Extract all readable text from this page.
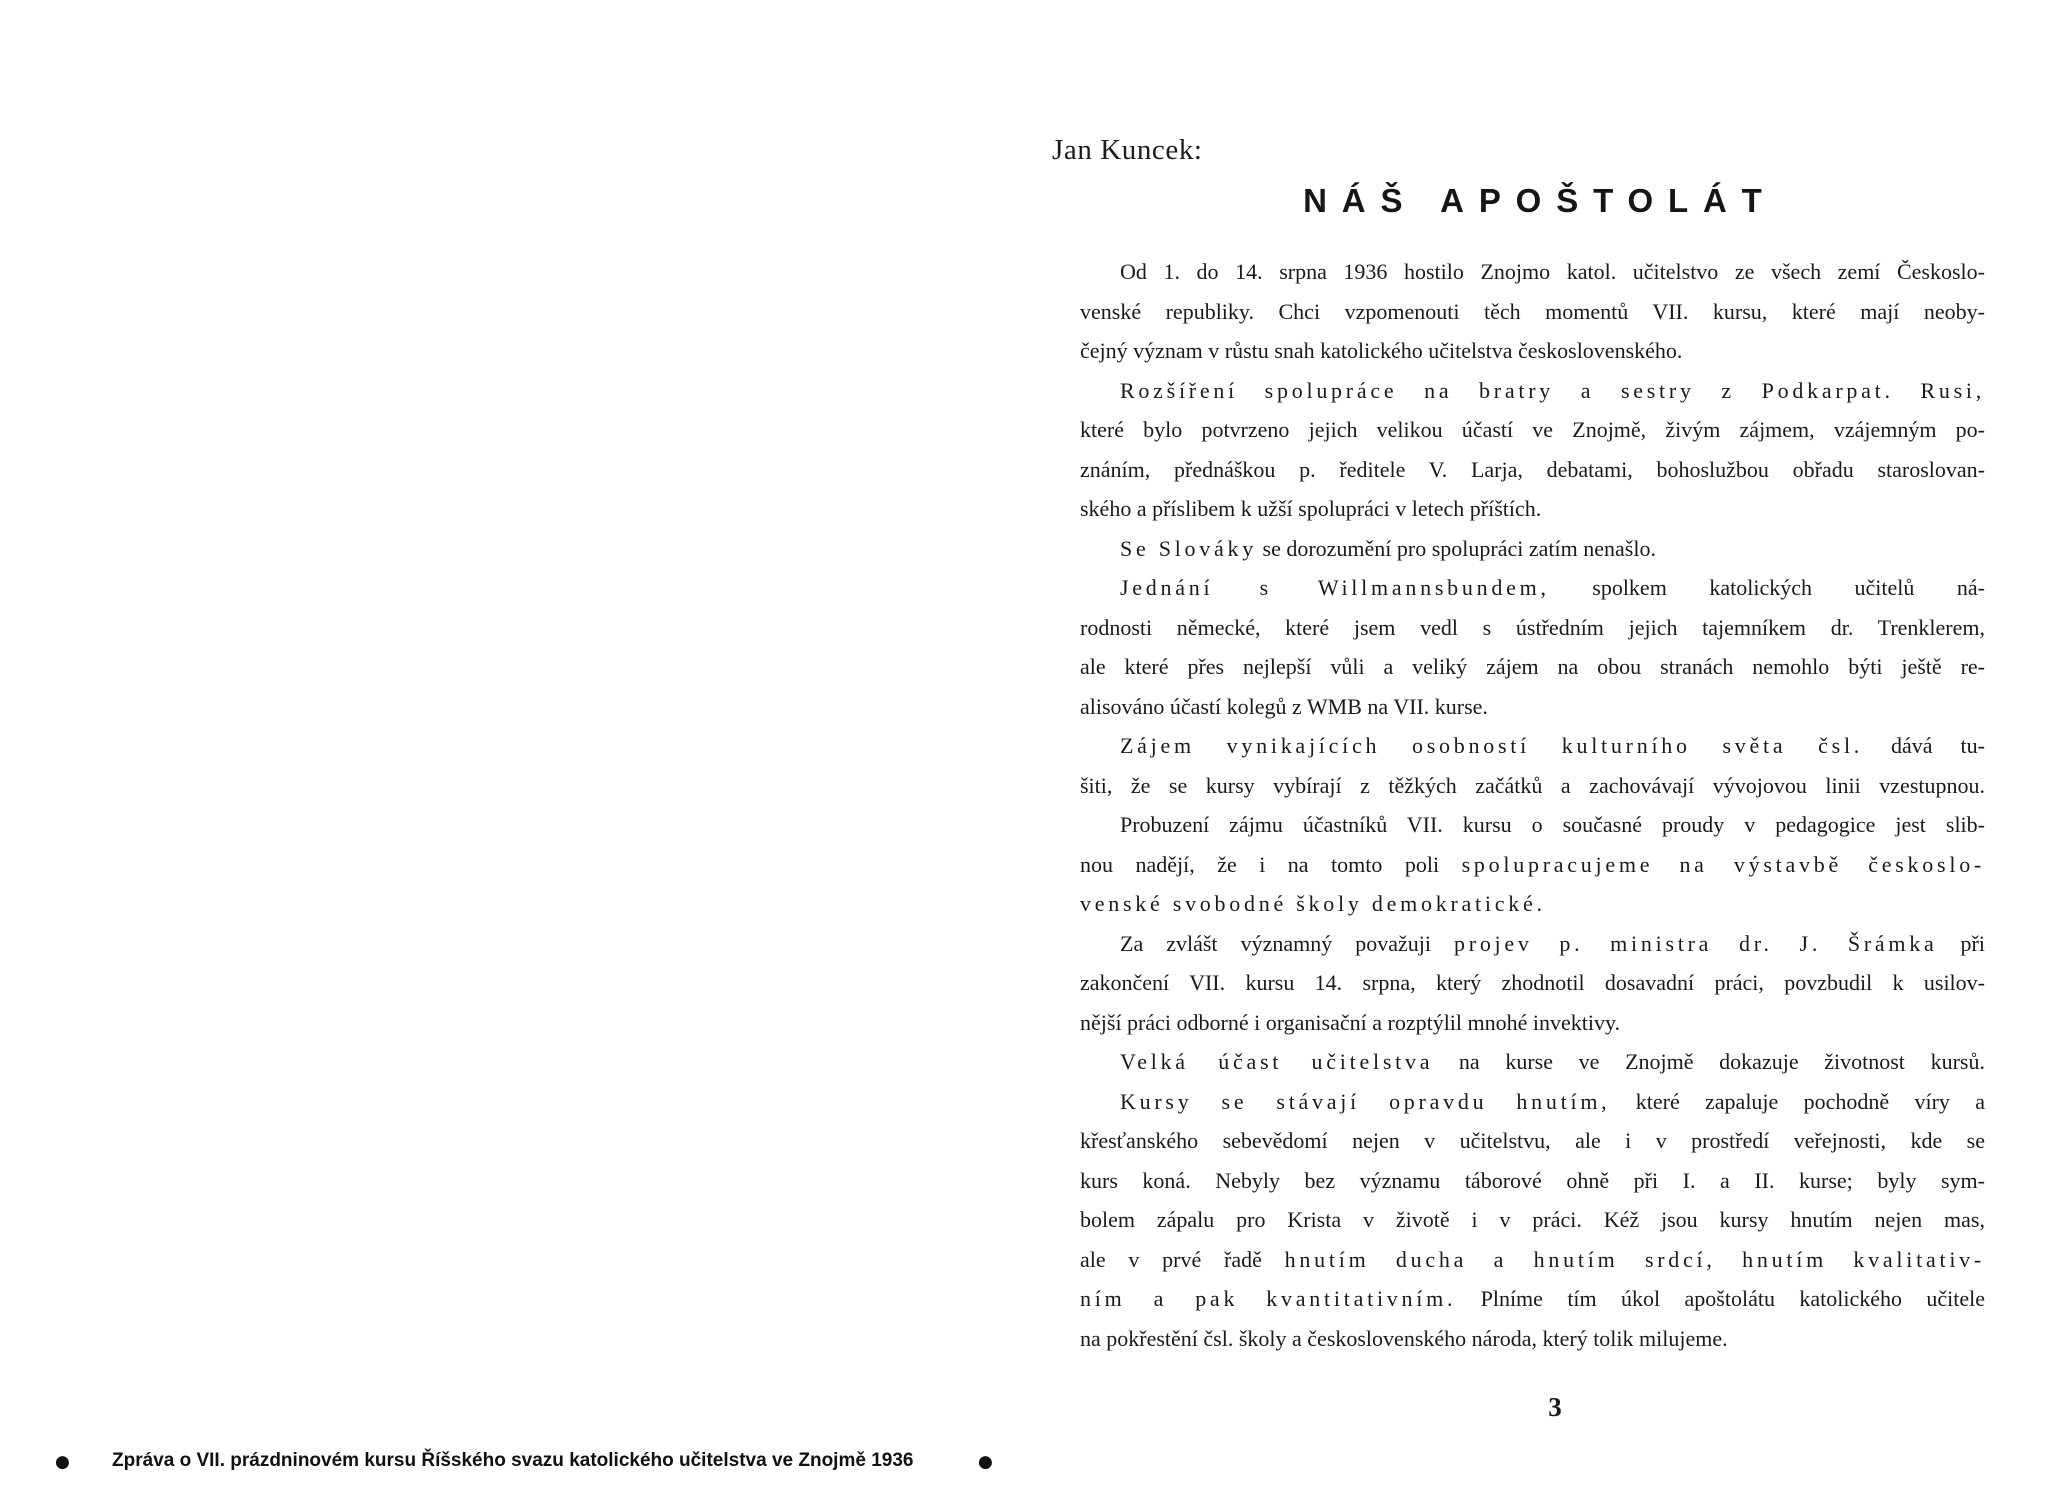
Jan Kuncek:
NÁŠ APOŠTOLÁT
Od 1. do 14. srpna 1936 hostilo Znojmo katol. učitelstvo ze všech zemí Českoslo-
venské republiky. Chci vzpomenouti těch momentů VII. kursu, které mají neoby-
čejný význam v růstu snah katolického učitelstva československého.
Rozšíření spolupráce na bratry a sestry z Podkarpat. Rusi,
které bylo potvrzeno jejich velikou účastí ve Znojmě, živým zájmem, vzájemným po-
znáním, přednáškou p. ředitele V. Larja, debatami, bohoslužbou obřadu staroslovan-
ského a příslibem k užší spolupráci v letech příštích.
Se Slováky se dorozumění pro spolupráci zatím nenašlo.
Jednání s Willmannsbundem, spolkem katolických učitelů ná-
rodnosti německé, které jsem vedl s ústředním jejich tajemníkem dr. Trenklerem,
ale které přes nejlepší vůli a veliký zájem na obou stranách nemohlo býti ještě re-
alisováno účastí kolegů z WMB na VII. kurse.
Zájem vynikajících osobností kulturního světa čsl. dává tu-
šiti, že se kursy vybírají z těžkých začátků a zachovávají vývojovou linii vzestupnou.
Probuzení zájmu účastníků VII. kursu o současné proudy v pedagogice jest slib-
nou nadějí, že i na tomto poli spolupracujeme na výstavbě českoslo-
venské svobodné školy demokratické.
Za zvlášt významný považuji projev p. ministra dr. J. Šrámka při
zakončení VII. kursu 14. srpna, který zhodnotil dosavadní práci, povzbudil k usilov-
nější práci odborné i organisační a rozptýlil mnohé invektivy.
Velká účast učitelstva na kurse ve Znojmě dokazuje životnost kursů.
Kursy se stávají opravdu hnutím, které zapaluje pochodně víry a
křesťanského sebevědomí nejen v učitelstvu, ale i v prostředí veřejnosti, kde se
kurs koná. Nebyly bez významu táborové ohně při I. a II. kurse; byly sym-
bolem zápalu pro Krista v životě i v práci. Kéž jsou kursy hnutím nejen mas,
ale v prvé řadě hnutím ducha a hnutím srdcí, hnutím kvalitativ-
ním a pak kvantitativním. Plníme tím úkol apoštolátu katolického učitele
na pokřestění čsl. školy a československého národa, který tolik milujeme.
3
● Zpráva o VII. prázdninovém kursu Říšského svazu katolického učitelstva ve Znojmě 1936	●
